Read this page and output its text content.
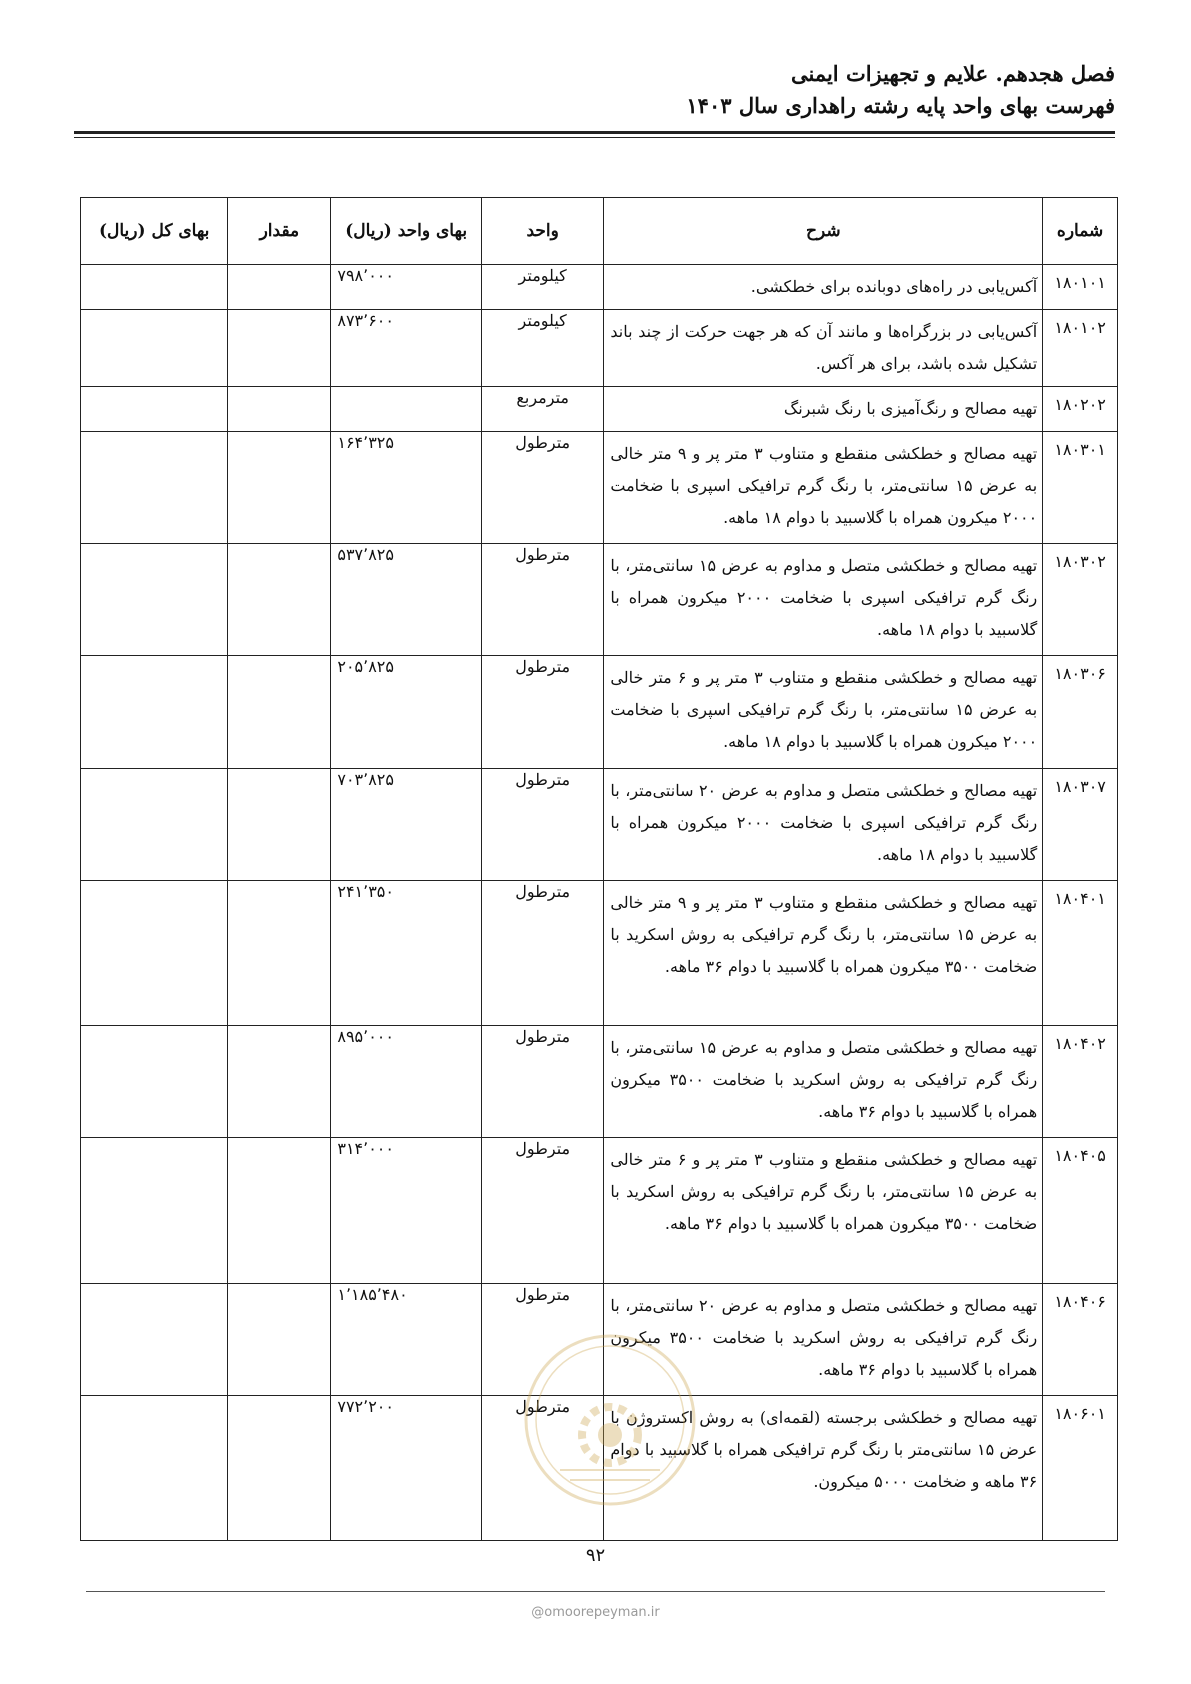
فصل هجدهم. علایم و تجهیزات ایمنی
فهرست بهای واحد پایه رشته راهداری سال ۱۴۰۳
شماره	شرح	واحد	بهای واحد (ریال)	مقدار	بهای کل (ریال)
۱۸۰۱۰۱	آکس‌یابی در راه‌های دوبانده برای خطکشی.	کیلومتر	۷۹۸٬۰۰۰		
۱۸۰۱۰۲	آکس‌یابی در بزرگراه‌ها و مانند آن که هر جهت حرکت از چند باند تشکیل شده باشد، برای هر آکس.	کیلومتر	۸۷۳٬۶۰۰		
۱۸۰۲۰۲	تهیه مصالح و رنگ‌آمیزی با رنگ شبرنگ	مترمربع			
۱۸۰۳۰۱	تهیه مصالح و خطکشی منقطع و متناوب ۳ متر پر و ۹ متر خالی به عرض ۱۵ سانتی‌متر، با رنگ گرم ترافیکی اسپری با ضخامت ۲۰۰۰ میکرون همراه با گلاسبید با دوام ۱۸ ماهه.	مترطول	۱۶۴٬۳۲۵		
۱۸۰۳۰۲	تهیه مصالح و خطکشی متصل و مداوم به عرض ۱۵ سانتی‌متر، با رنگ گرم ترافیکی اسپری با ضخامت ۲۰۰۰ میکرون همراه با گلاسبید با دوام ۱۸ ماهه.	مترطول	۵۳۷٬۸۲۵		
۱۸۰۳۰۶	تهیه مصالح و خطکشی منقطع و متناوب ۳ متر پر و ۶ متر خالی به عرض ۱۵ سانتی‌متر، با رنگ گرم ترافیکی اسپری با ضخامت ۲۰۰۰ میکرون همراه با گلاسبید با دوام ۱۸ ماهه.	مترطول	۲۰۵٬۸۲۵		
۱۸۰۳۰۷	تهیه مصالح و خطکشی متصل و مداوم به عرض ۲۰ سانتی‌متر، با رنگ گرم ترافیکی اسپری با ضخامت ۲۰۰۰ میکرون همراه با گلاسبید با دوام ۱۸ ماهه.	مترطول	۷۰۳٬۸۲۵		
۱۸۰۴۰۱	تهیه مصالح و خطکشی منقطع و متناوب ۳ متر پر و ۹ متر خالی به عرض ۱۵ سانتی‌متر، با رنگ گرم ترافیکی به روش اسکرید با ضخامت ۳۵۰۰ میکرون همراه با گلاسبید با دوام ۳۶ ماهه.	مترطول	۲۴۱٬۳۵۰		
۱۸۰۴۰۲	تهیه مصالح و خطکشی متصل و مداوم به عرض ۱۵ سانتی‌متر، با رنگ گرم ترافیکی به روش اسکرید با ضخامت ۳۵۰۰ میکرون همراه با گلاسبید با دوام ۳۶ ماهه.	مترطول	۸۹۵٬۰۰۰		
۱۸۰۴۰۵	تهیه مصالح و خطکشی منقطع و متناوب ۳ متر پر و ۶ متر خالی به عرض ۱۵ سانتی‌متر، با رنگ گرم ترافیکی به روش اسکرید با ضخامت ۳۵۰۰ میکرون همراه با گلاسبید با دوام ۳۶ ماهه.	مترطول	۳۱۴٬۰۰۰		
۱۸۰۴۰۶	تهیه مصالح و خطکشی متصل و مداوم به عرض ۲۰ سانتی‌متر، با رنگ گرم ترافیکی به روش اسکرید با ضخامت ۳۵۰۰ میکرون همراه با گلاسبید با دوام ۳۶ ماهه.	مترطول	۱٬۱۸۵٬۴۸۰		
۱۸۰۶۰۱	تهیه مصالح و خطکشی برجسته (لقمه‌ای) به روش اکستروژن با عرض ۱۵ سانتی‌متر با رنگ گرم ترافیکی همراه با گلاسبید با دوام ۳۶ ماهه و ضخامت ۵۰۰۰ میکرون.	مترطول	۷۷۲٬۲۰۰		
۹۲
@omoorepeyman.ir
